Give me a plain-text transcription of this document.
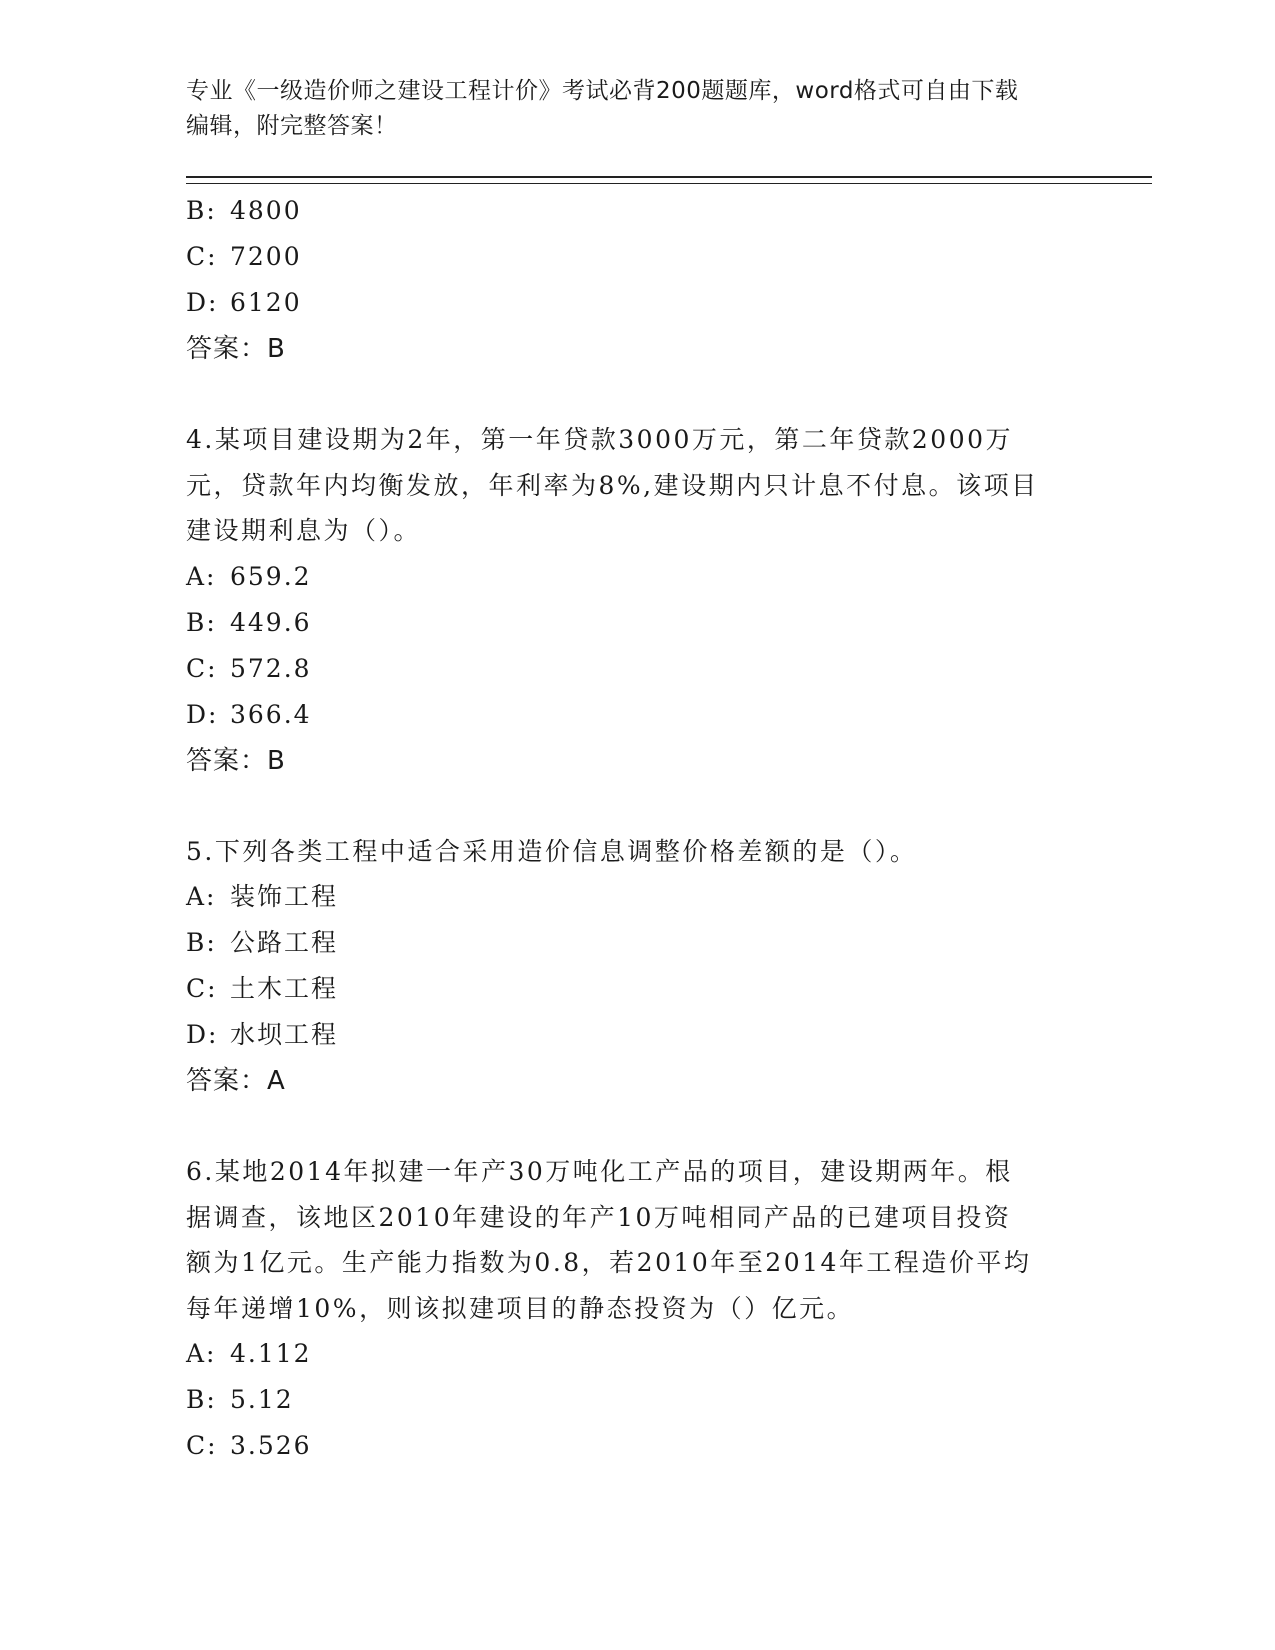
专业《一级造价师之建设工程计价》考试必背200题题库，word格式可自由下载
编辑，附完整答案！
B: 4800
C: 7200
D: 6120
答案：B
4.某项目建设期为2年，第一年贷款3000万元，第二年贷款2000万
元，贷款年内均衡发放，年利率为8%,建设期内只计息不付息。该项目
建设期利息为（）。
A: 659.2
B: 449.6
C: 572.8
D: 366.4
答案：B
5.下列各类工程中适合采用造价信息调整价格差额的是（）。
A: 装饰工程
B: 公路工程
C: 土木工程
D: 水坝工程
答案：A
6.某地2014年拟建一年产30万吨化工产品的项目，建设期两年。根
据调查，该地区2010年建设的年产10万吨相同产品的已建项目投资
额为1亿元。生产能力指数为0.8，若2010年至2014年工程造价平均
每年递增10%，则该拟建项目的静态投资为（）亿元。
A: 4.112
B: 5.12
C: 3.526
